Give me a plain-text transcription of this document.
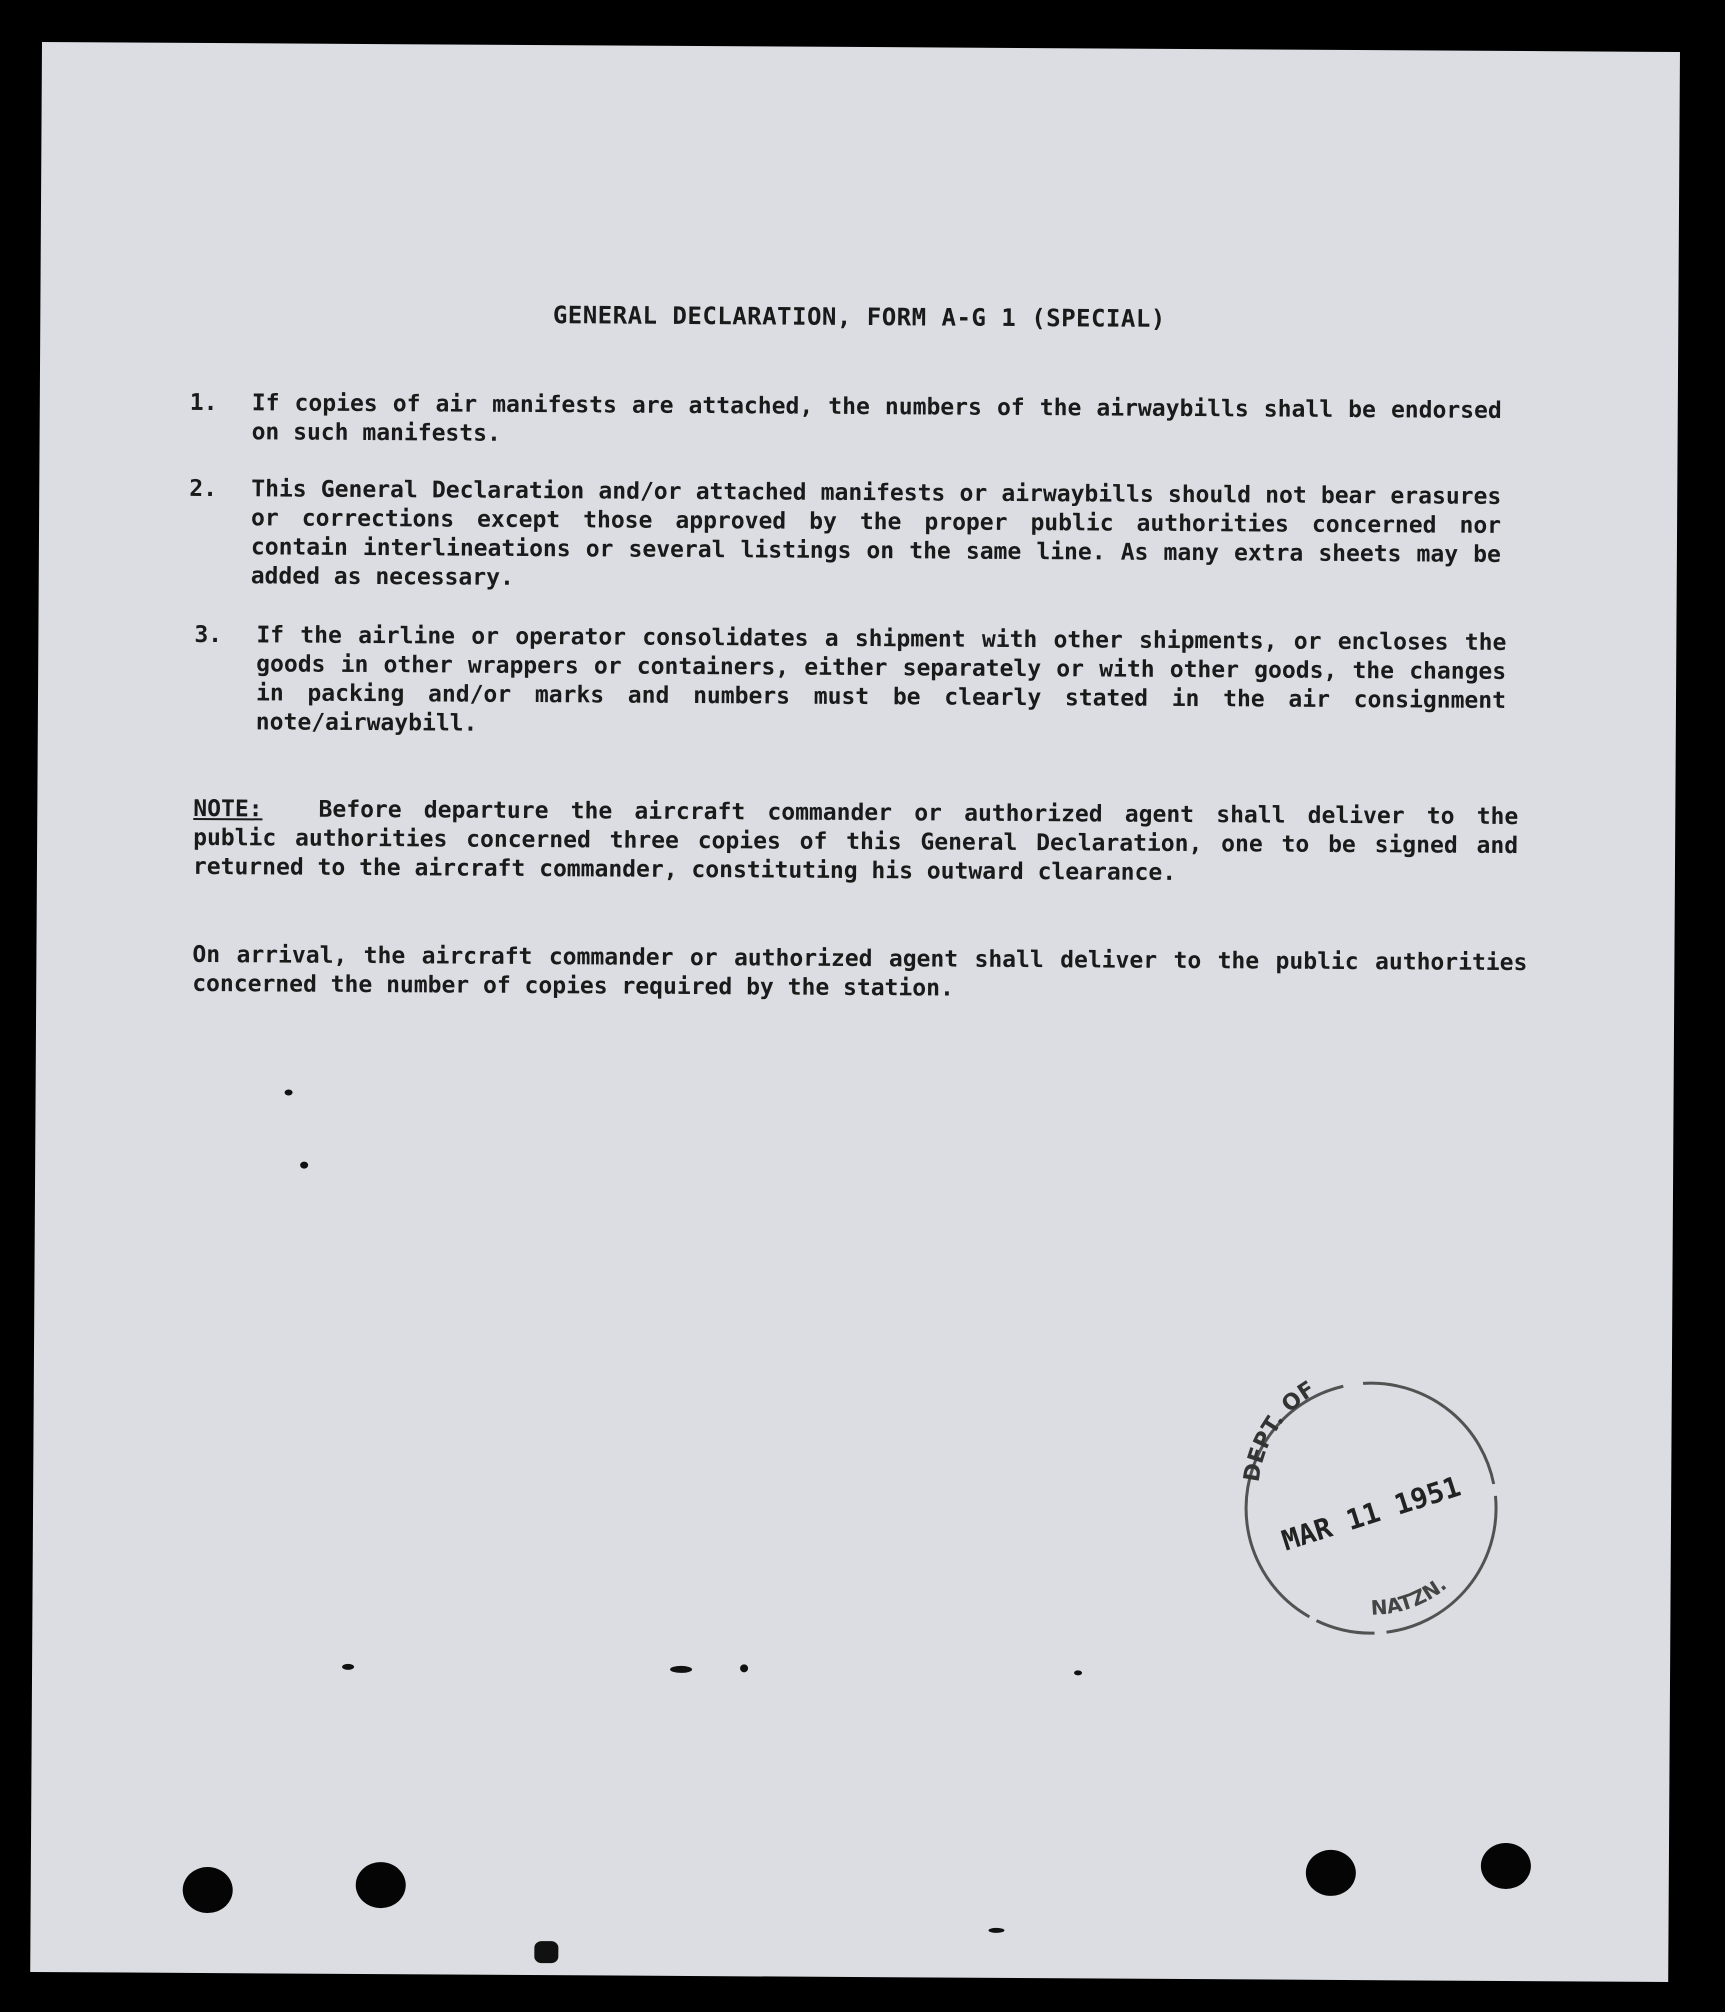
GENERAL DECLARATION, FORM A-G 1 (SPECIAL)
1. If copies of air manifests are attached, the numbers of the airwaybills shall be endorsed on such manifests.
2. This General Declaration and/or attached manifests or airwaybills should not bear erasures or corrections except those approved by the proper public authorities concerned nor contain interlineations or several listings on the same line. As many extra sheets may be added as necessary.
3. If the airline or operator consolidates a shipment with other shipments, or encloses the goods in other wrappers or containers, either separately or with other goods, the changes in packing and/or marks and numbers must be clearly stated in the air consignment note/airwaybill.
NOTE: Before departure the aircraft commander or authorized agent shall deliver to the public authorities concerned three copies of this General Declaration, one to be signed and returned to the aircraft commander, constituting his outward clearance.
On arrival, the aircraft commander or authorized agent shall deliver to the public authorities concerned the number of copies required by the station.
DEPT. OF
MAR 11 1951
NATZN.
